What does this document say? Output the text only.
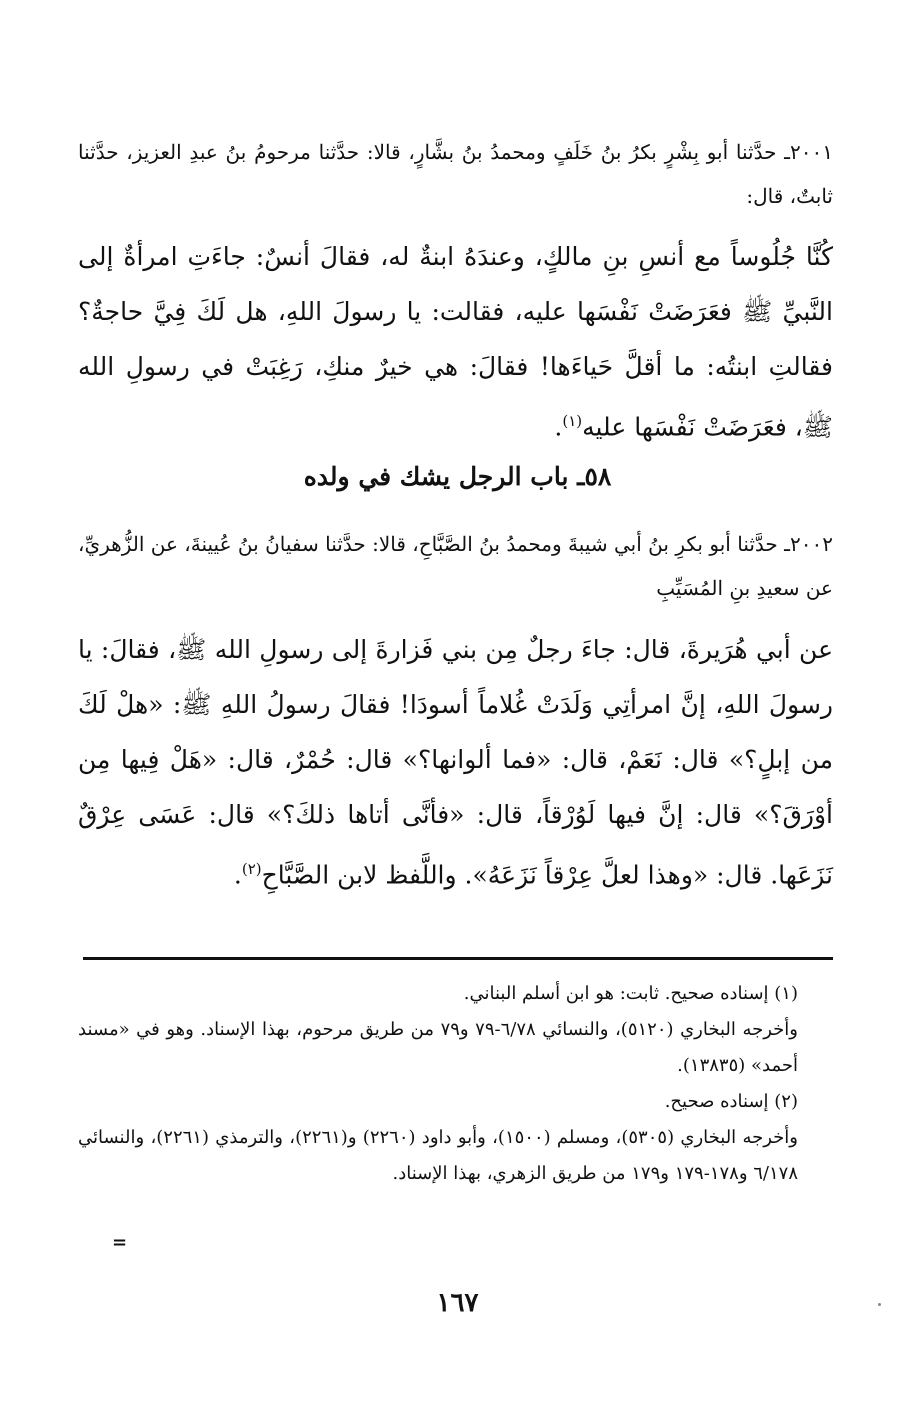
٢٠٠١ـ حدَّثنا أبو بِشْرٍ بكرُ بنُ خَلَفٍ ومحمدُ بنُ بشَّارٍ، قالا: حدَّثنا مرحومُ بنُ عبدِ العزيز، حدَّثنا ثابتٌ، قال:

كُنَّا جُلُوساً مع أنسِ بنِ مالكٍ، وعندَهُ ابنةٌ له، فقالَ أنسٌ: جاءَتِ امرأةٌ إلى النَّبيِّ ﷺ فعَرَضَتْ نَفْسَها عليه، فقالت: يا رسولَ اللهِ، هل لَكَ فِيَّ حاجةٌ؟ فقالتِ ابنتُه: ما أقلَّ حَياءَها! فقالَ: هي خيرٌ منكِ، رَغِبَتْ في رسولِ الله ﷺ، فعَرَضَتْ نَفْسَها عليه$^{(١)}$.

٥٨ـ باب الرجل يشك في ولده

٢٠٠٢ـ حدَّثنا أبو بكرِ بنُ أبي شيبةَ ومحمدُ بنُ الصَّبَّاحِ، قالا: حدَّثنا سفيانُ بنُ عُيينةَ، عن الزُّهريِّ، عن سعيدِ بنِ المُسَيِّبِ

عن أبي هُرَيرةَ، قال: جاءَ رجلٌ مِن بني فَزارةَ إلى رسولِ الله ﷺ، فقالَ: يا رسولَ اللهِ، إنَّ امرأتِي وَلَدَتْ غُلاماً أسودَا! فقالَ رسولُ اللهِ ﷺ: «هلْ لَكَ من إبلٍ؟» قال: نَعَمْ، قال: «فما ألوانها؟» قال: حُمْرٌ، قال: «هَلْ فِيها مِن أوْرَقَ؟» قال: إنَّ فيها لَوُرْقاً، قال: «فأنَّى أتاها ذلكَ؟» قال: عَسَى عِرْقٌ نَزَعَها. قال: «وهذا لعلَّ عِرْقاً نَزَعَهُ». واللَّفظ لابن الصَّبَّاحِ$^{(٢)}$.

(١) إسناده صحيح. ثابت: هو ابن أسلم البناني.

وأخرجه البخاري (٥١٢٠)، والنسائي ٦/٧٨-٧٩ و٧٩ من طريق مرحوم، بهذا الإسناد. وهو في «مسند أحمد» (١٣٨٣٥).

(٢) إسناده صحيح.

وأخرجه البخاري (٥٣٠٥)، ومسلم (١٥٠٠)، وأبو داود (٢٢٦٠) و(٢٢٦١)، والترمذي (٢٢٦١)، والنسائي ٦/١٧٨ و١٧٨-١٧٩ و١٧٩ من طريق الزهري، بهذا الإسناد.

=
١٦٧
